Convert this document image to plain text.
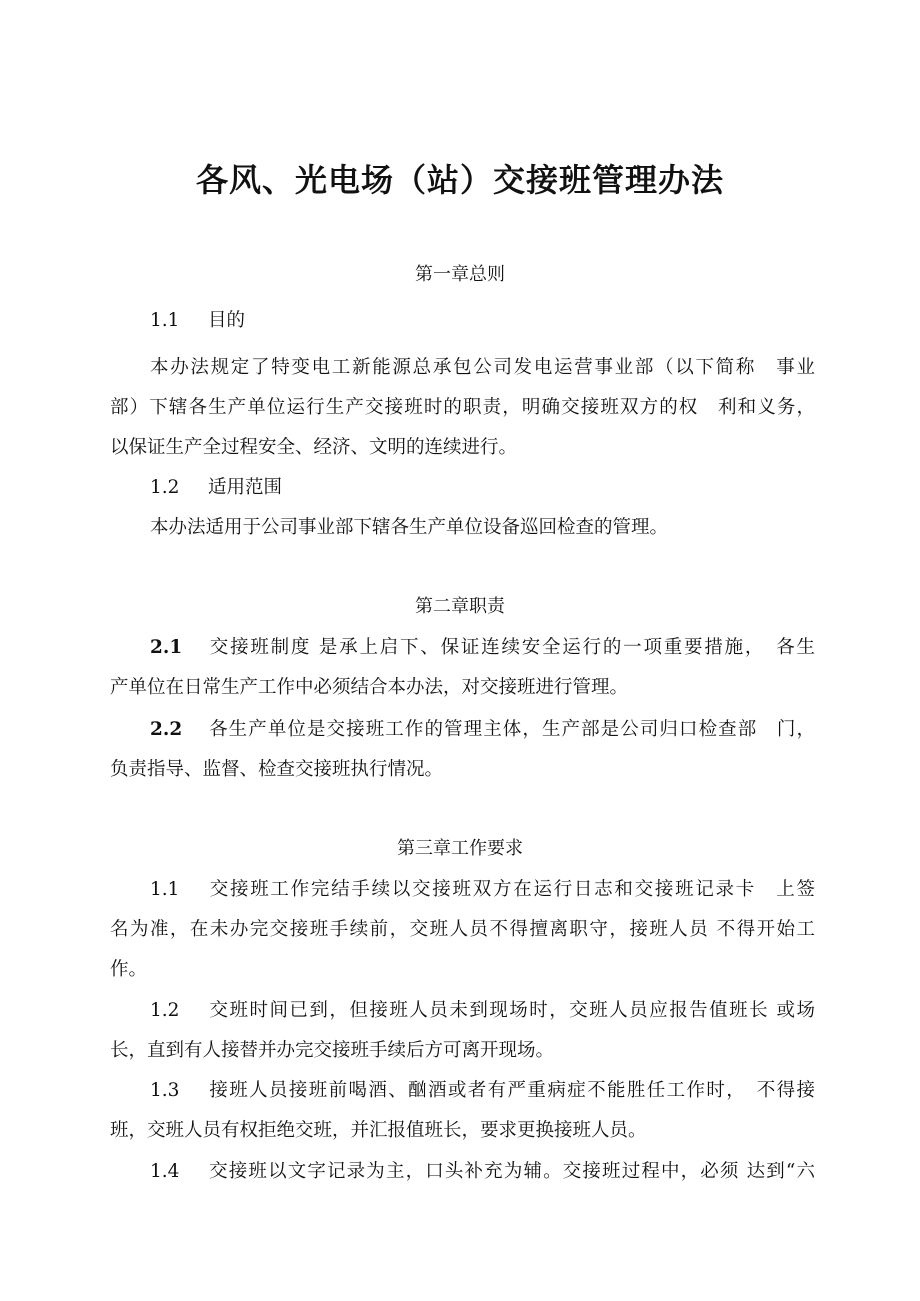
各风、光电场（站）交接班管理办法
第一章总则
1.1 目的
本办法规定了特变电工新能源总承包公司发电运营事业部（以下简称　事业
部）下辖各生产单位运行生产交接班时的职责，明确交接班双方的权　利和义务，
以保证生产全过程安全、经济、文明的连续进行。
1.2 适用范围
本办法适用于公司事业部下辖各生产单位设备巡回检查的管理。
第二章职责
2.1 交接班制度 是承上启下、保证连续安全运行的一项重要措施，　各生
产单位在日常生产工作中必须结合本办法，对交接班进行管理。
2.2 各生产单位是交接班工作的管理主体，生产部是公司归口检查部　门，
负责指导、监督、检查交接班执行情况。
第三章工作要求
1.1 交接班工作完结手续以交接班双方在运行日志和交接班记录卡　上签
名为准，在未办完交接班手续前，交班人员不得擅离职守，接班人员 不得开始工
作。
1.2 交班时间已到，但接班人员未到现场时，交班人员应报告值班长 或场
长，直到有人接替并办完交接班手续后方可离开现场。
1.3 接班人员接班前喝酒、酗酒或者有严重病症不能胜任工作时，　不得接
班，交班人员有权拒绝交班，并汇报值班长，要求更换接班人员。
1.4 交接班以文字记录为主，口头补充为辅。交接班过程中，必须 达到“六
